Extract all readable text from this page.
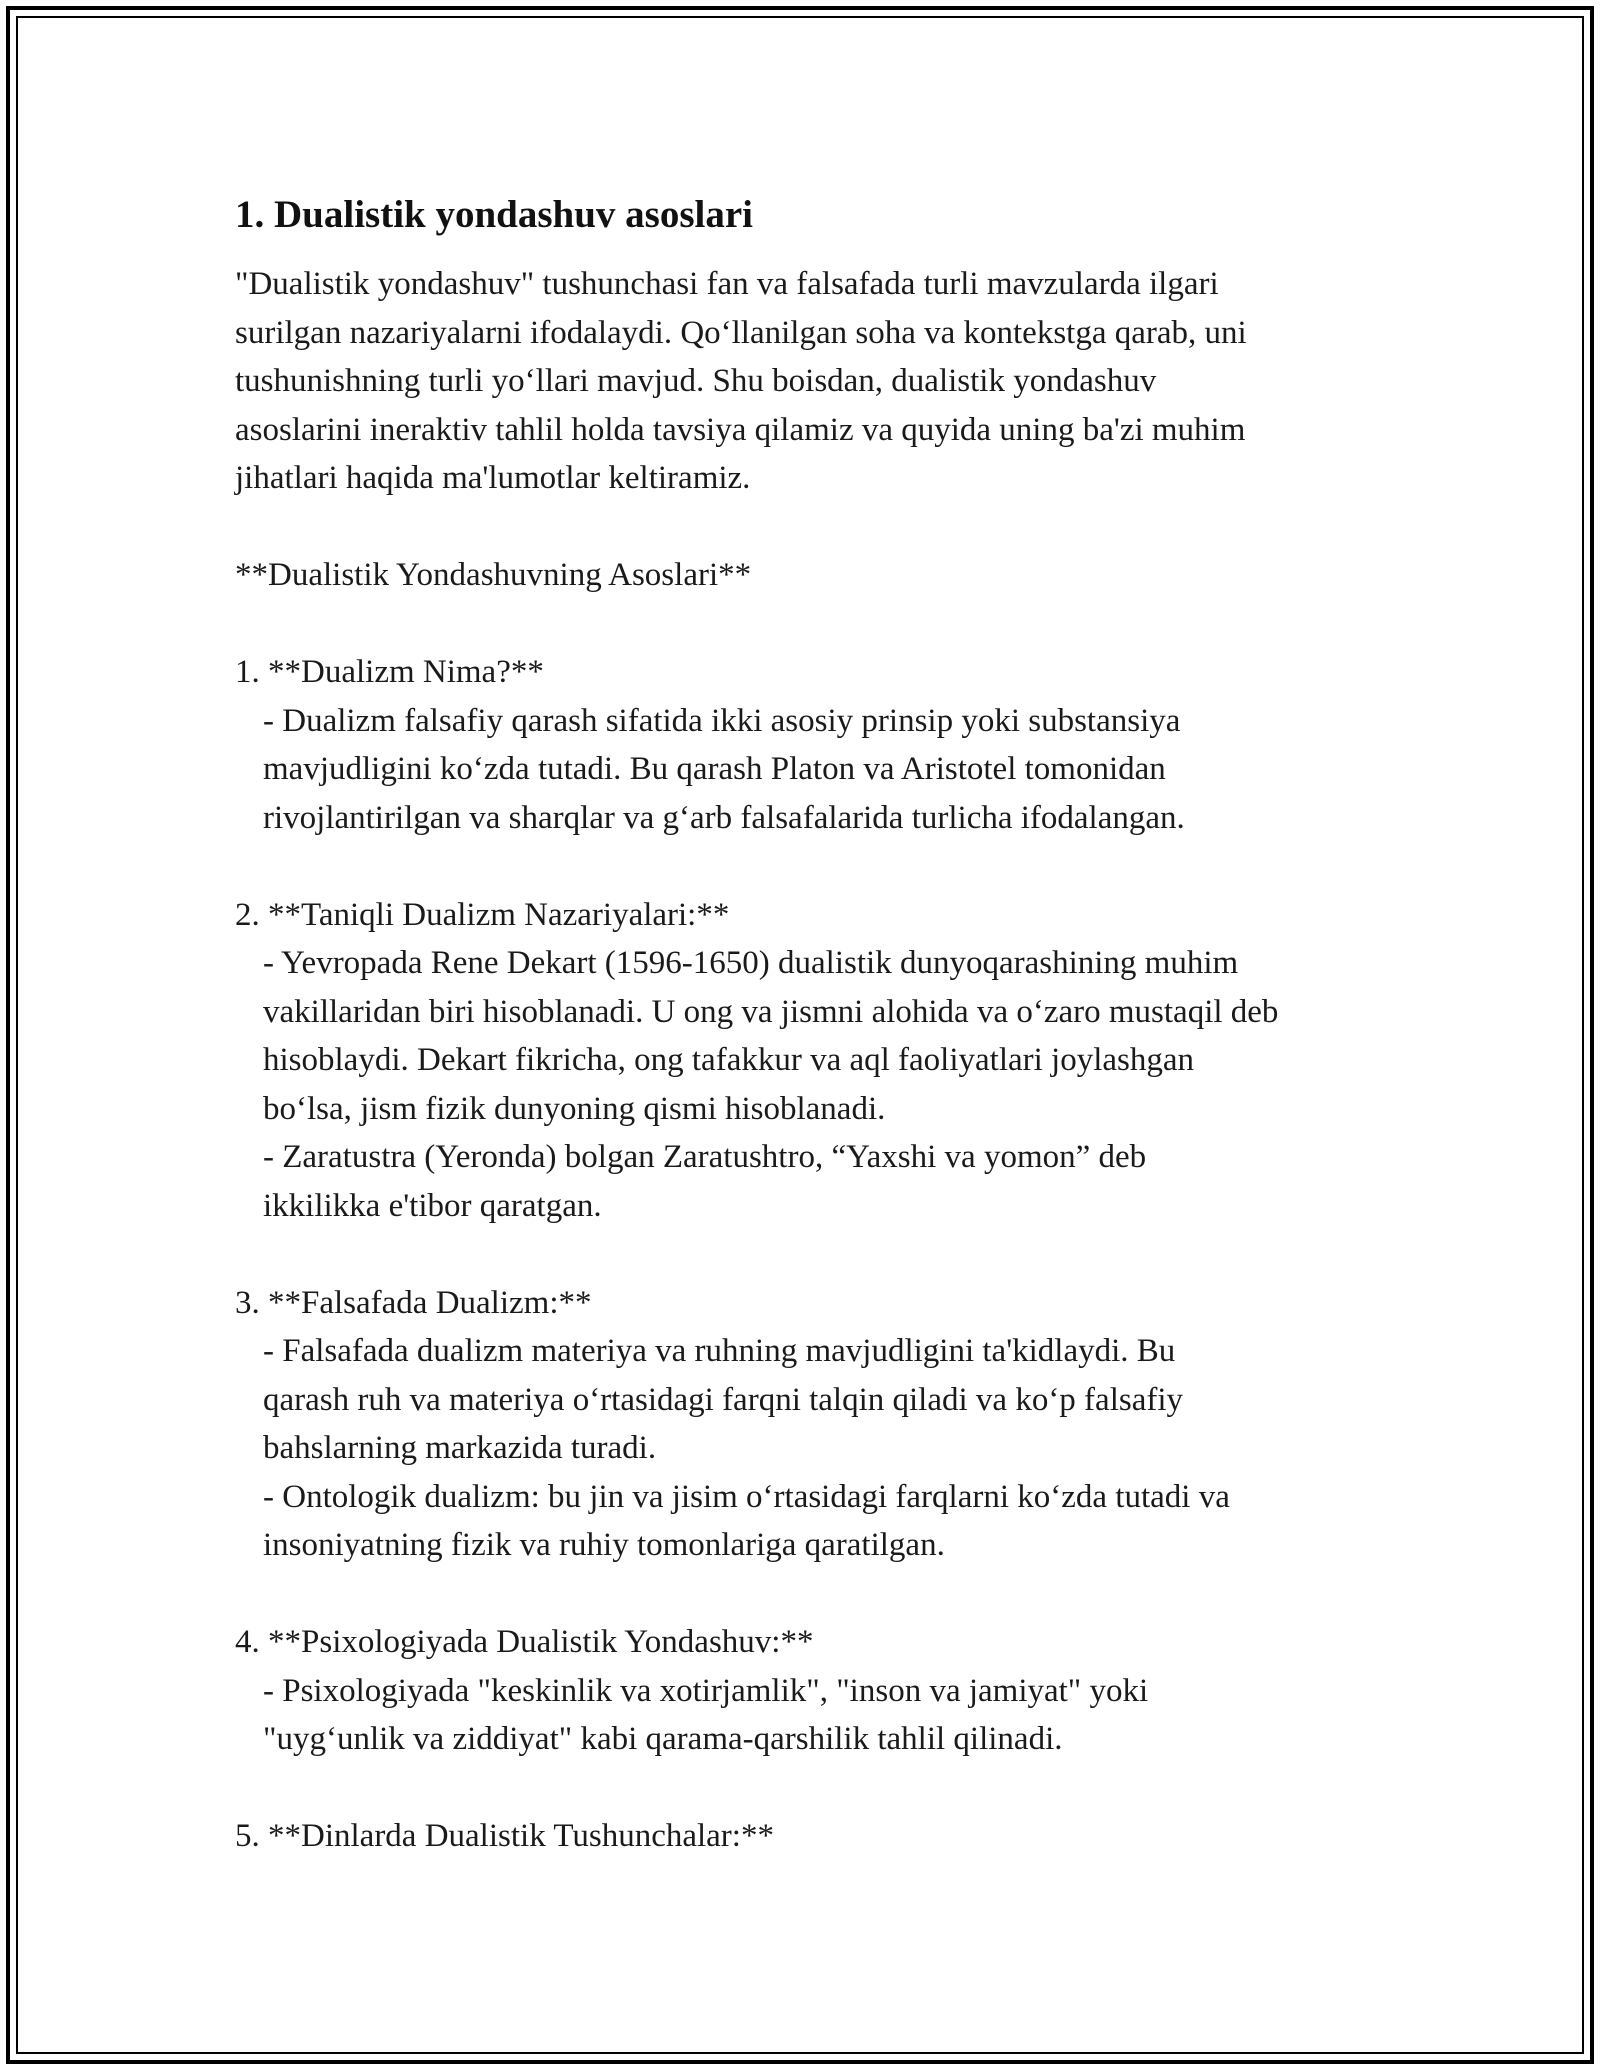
1. Dualistik yondashuv asoslari

"Dualistik yondashuv" tushunchasi fan va falsafada turli mavzularda ilgari
surilgan nazariyalarni ifodalaydi. Qo‘llanilgan soha va kontekstga qarab, uni
tushunishning turli yo‘llari mavjud. Shu boisdan, dualistik yondashuv
asoslarini ineraktiv tahlil holda tavsiya qilamiz va quyida uning ba'zi muhim
jihatlari haqida ma'lumotlar keltiramiz.

**Dualistik Yondashuvning Asoslari**
1. **Dualizm Nima?**
- Dualizm falsafiy qarash sifatida ikki asosiy prinsip yoki substansiya
mavjudligini ko‘zda tutadi. Bu qarash Platon va Aristotel tomonidan
rivojlantirilgan va sharqlar va g‘arb falsafalarida turlicha ifodalangan.
2. **Taniqli Dualizm Nazariyalari:**
- Yevropada Rene Dekart (1596-1650) dualistik dunyoqarashining muhim
vakillaridan biri hisoblanadi. U ong va jismni alohida va o‘zaro mustaqil deb
hisoblaydi. Dekart fikricha, ong tafakkur va aql faoliyatlari joylashgan
bo‘lsa, jism fizik dunyoning qismi hisoblanadi.
- Zaratustra (Yeronda) bolgan Zaratushtro, “Yaxshi va yomon” deb
ikkilikka e'tibor qaratgan.
3. **Falsafada Dualizm:**
- Falsafada dualizm materiya va ruhning mavjudligini ta'kidlaydi. Bu
qarash ruh va materiya o‘rtasidagi farqni talqin qiladi va ko‘p falsafiy
bahslarning markazida turadi.
- Ontologik dualizm: bu jin va jisim o‘rtasidagi farqlarni ko‘zda tutadi va
insoniyatning fizik va ruhiy tomonlariga qaratilgan.
4. **Psixologiyada Dualistik Yondashuv:**
- Psixologiyada "keskinlik va xotirjamlik", "inson va jamiyat" yoki
"uyg‘unlik va ziddiyat" kabi qarama-qarshilik tahlil qilinadi.
5. **Dinlarda Dualistik Tushunchalar:**
